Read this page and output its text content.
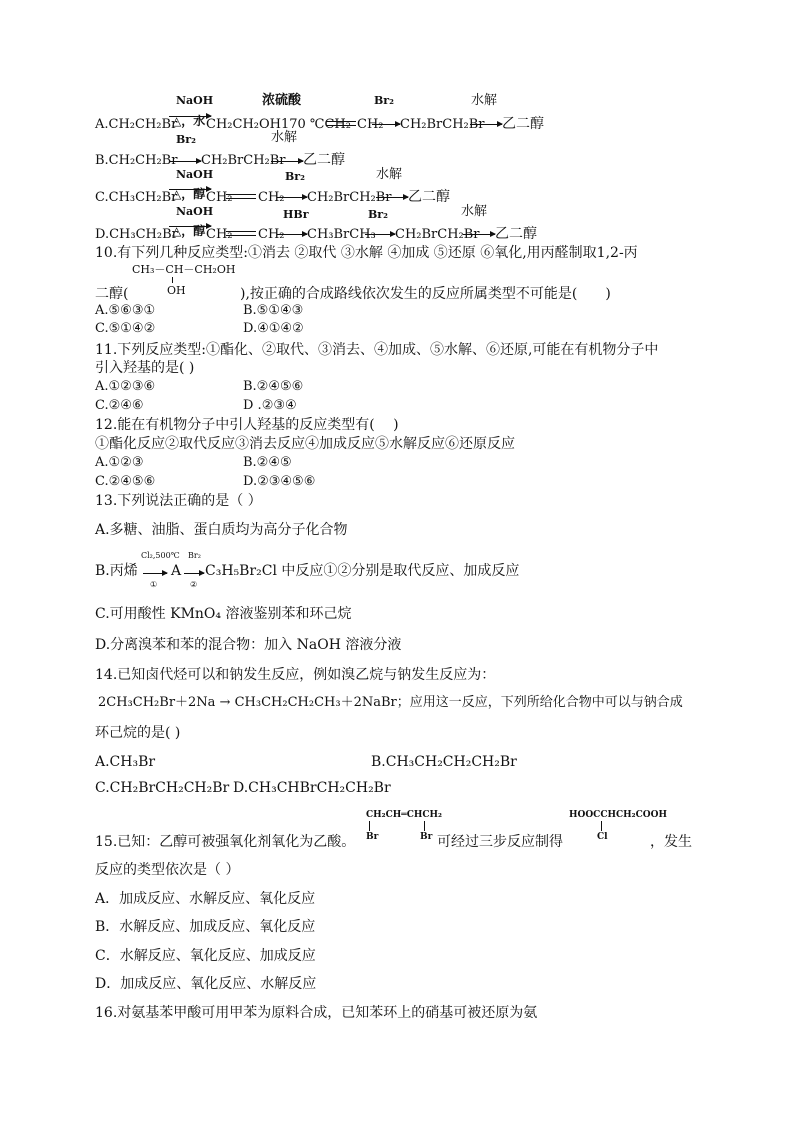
NaOH	浓硫酸	Br₂	水解
A.CH₂CH₂Br
△，水 CH₂CH₂OH170 ℃CH₂ CH₂ CH₂BrCH₂Br 乙二醇
Br₂	水解
B.CH₂CH₂Br CH₂BrCH₂Br 乙二醇
NaOH	Br₂	水解
C.CH₃CH₂Br
△，醇 CH₂ CH₂ CH₂BrCH₂Br 乙二醇
NaOH	HBr	Br₂	水解
D.CH₃CH₂Br
△，醇 CH₂ CH₂ CH₃BrCH₃ CH₂BrCH₂Br 乙二醇
10.有下列几种反应类型:①消去 ②取代 ③水解 ④加成 ⑤还原 ⑥氧化,用丙醛制取1,2-丙
CH₃－CH－CH₂OH
OH
二醇(	),按正确的合成路线依次发生的反应所属类型不可能是(　　)
A.⑤⑥③①	B.⑤①④③
C.⑤①④②	D.④①④②
11.下列反应类型:①酯化、②取代、③消去、④加成、⑤水解、⑥还原,可能在有机物分子中
引入羟基的是( )
A.①②③⑥	B.②④⑤⑥
C.②④⑥	D .②③④
12.能在有机物分子中引人羟基的反应类型有(　 )
①酯化反应②取代反应③消去反应④加成反应⑤水解反应⑥还原反应
A.①②③	B.②④⑤
C.②④⑤⑥	D.②③④⑤⑥
13.下列说法正确的是（ ）
A.多糖、油脂、蛋白质均为高分子化合物
B.丙烯
Cl₂,500℃
①
A
Br₂
②
C₃H₅Br₂Cl 中反应①②分别是取代反应、加成反应
C.可用酸性 KMnO₄ 溶液鉴别苯和环己烷
D.分离溴苯和苯的混合物：加入 NaOH 溶液分液
14.已知卤代烃可以和钠发生反应，例如溴乙烷与钠发生反应为：
2CH₃CH₂Br＋2Na → CH₃CH₂CH₂CH₃＋2NaBr；应用这一反应，下列所给化合物中可以与钠合成
环己烷的是( )
A.CH₃Br	B.CH₃CH₂CH₂CH₂Br
C.CH₂BrCH₂CH₂Br D.CH₃CHBrCH₂CH₂Br
CH₂CH═CHCH₂
Br	Br
15.已知：乙醇可被强氧化剂氧化为乙酸。	可经过三步反应制得
HOOCCHCH₂COOH
Cl	，发生
反应的类型依次是（ ）
A．加成反应、水解反应、氧化反应
B．水解反应、加成反应、氧化反应
C．水解反应、氧化反应、加成反应
D．加成反应、氧化反应、水解反应
16.对氨基苯甲酸可用甲苯为原料合成，已知苯环上的硝基可被还原为氨
